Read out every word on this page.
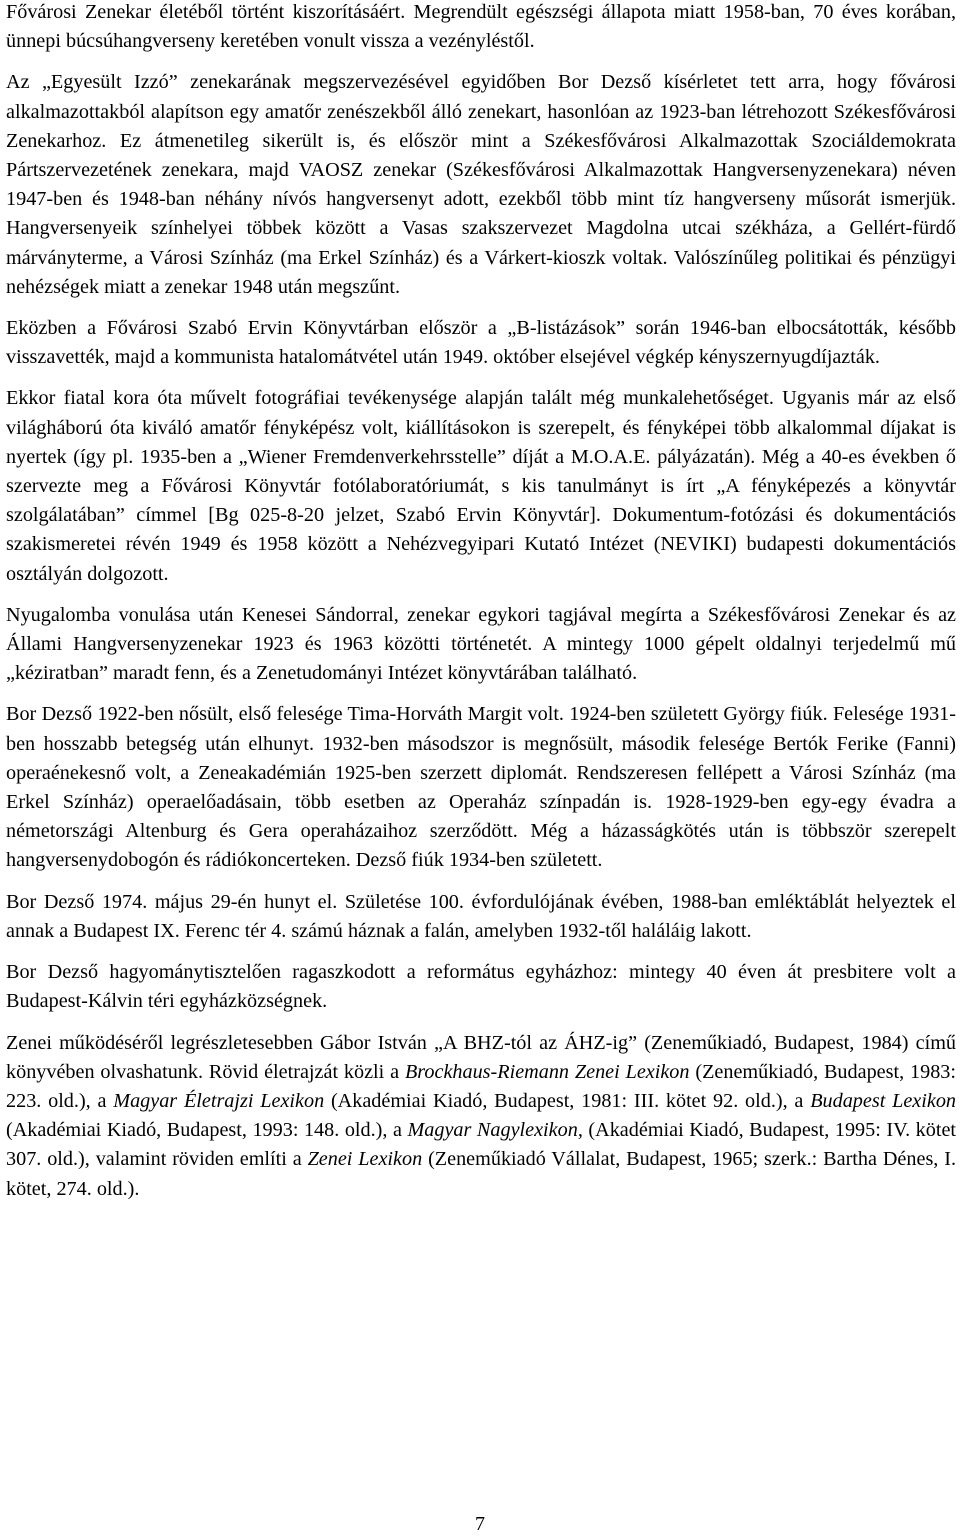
Fővárosi Zenekar életéből történt kiszorításáért. Megrendült egészségi állapota miatt 1958-ban, 70 éves korában, ünnepi búcsúhangverseny keretében vonult vissza a vezényléstől.

Az „Egyesült Izzó” zenekarának megszervezésével egyidőben Bor Dezső kísérletet tett arra, hogy fővárosi alkalmazottakból alapítson egy amatőr zenészekből álló zenekart, hasonlóan az 1923-ban létrehozott Székesfővárosi Zenekarhoz. Ez átmenetileg sikerült is, és először mint a Székesfővárosi Alkalmazottak Szociáldemokrata Pártszervezetének zenekara, majd VAOSZ zenekar (Székesfővárosi Alkalmazottak Hangversenyzenekara) néven 1947-ben és 1948-ban néhány nívós hangversenyt adott, ezekből több mint tíz hangverseny műsorát ismerjük. Hangversenyeik színhelyei többek között a Vasas szakszervezet Magdolna utcai székháza, a Gellért-fürdő márványterme, a Városi Színház (ma Erkel Színház) és a Várkert-kioszk voltak. Valószínűleg politikai és pénzügyi nehézségek miatt a zenekar 1948 után megszűnt.

Eközben a Fővárosi Szabó Ervin Könyvtárban először a „B-listázások” során 1946-ban elbocsátották, később visszavették, majd a kommunista hatalomátvétel után 1949. október elsejével végkép kényszernyugdíjazták.

Ekkor fiatal kora óta művelt fotográfiai tevékenysége alapján talált még munkalehetőséget. Ugyanis már az első világháború óta kiváló amatőr fényképész volt, kiállításokon is szerepelt, és fényképei több alkalommal díjakat is nyertek (így pl. 1935-ben a „Wiener Fremdenverkehrsstelle” díját a M.O.A.E. pályázatán). Még a 40-es években ő szervezte meg a Fővárosi Könyvtár fotólaboratóriumát, s kis tanulmányt is írt „A fényképezés a könyvtár szolgálatában” címmel [Bg 025-8-20 jelzet, Szabó Ervin Könyvtár]. Dokumentum-fotózási és dokumentációs szakismeretei révén 1949 és 1958 között a Nehézvegyipari Kutató Intézet (NEVIKI) budapesti dokumentációs osztályán dolgozott.

Nyugalomba vonulása után Kenesei Sándorral, zenekar egykori tagjával megírta a Székesfővárosi Zenekar és az Állami Hangversenyzenekar 1923 és 1963 közötti történetét. A mintegy 1000 gépelt oldalnyi terjedelmű mű „kéziratban” maradt fenn, és a Zenetudományi Intézet könyvtárában található.

Bor Dezső 1922-ben nősült, első felesége Tima-Horváth Margit volt. 1924-ben született György fiúk. Felesége 1931-ben hosszabb betegség után elhunyt. 1932-ben másodszor is megnősült, második felesége Bertók Ferike (Fanni) operaénekesnő volt, a Zeneakadémián 1925-ben szerzett diplomát. Rendszeresen fellépett a Városi Színház (ma Erkel Színház) operaelőadásain, több esetben az Operaház színpadán is. 1928-1929-ben egy-egy évadra a németországi Altenburg és Gera operaházaihoz szerződött. Még a házasságkötés után is többször szerepelt hangversenydobogón és rádiókoncerteken. Dezső fiúk 1934-ben született.

Bor Dezső 1974. május 29-én hunyt el. Születése 100. évfordulójának évében, 1988-ban emléktáblát helyeztek el annak a Budapest IX. Ferenc tér 4. számú háznak a falán, amelyben 1932-től haláláig lakott.

Bor Dezső hagyománytisztelően ragaszkodott a református egyházhoz: mintegy 40 éven át presbitere volt a Budapest-Kálvin téri egyházközségnek.

Zenei működéséről legrészletesebben Gábor István „A BHZ-tól az ÁHZ-ig” (Zeneműkiadó, Budapest, 1984) című könyvében olvashatunk. Rövid életrajzát közli a Brockhaus-Riemann Zenei Lexikon (Zeneműkiadó, Budapest, 1983: 223. old.), a Magyar Életrajzi Lexikon (Akadémiai Kiadó, Budapest, 1981: III. kötet 92. old.), a Budapest Lexikon (Akadémiai Kiadó, Budapest, 1993: 148. old.), a Magyar Nagylexikon, (Akadémiai Kiadó, Budapest, 1995: IV. kötet 307. old.), valamint röviden említi a Zenei Lexikon (Zeneműkiadó Vállalat, Budapest, 1965; szerk.: Bartha Dénes, I. kötet, 274. old.).

7
